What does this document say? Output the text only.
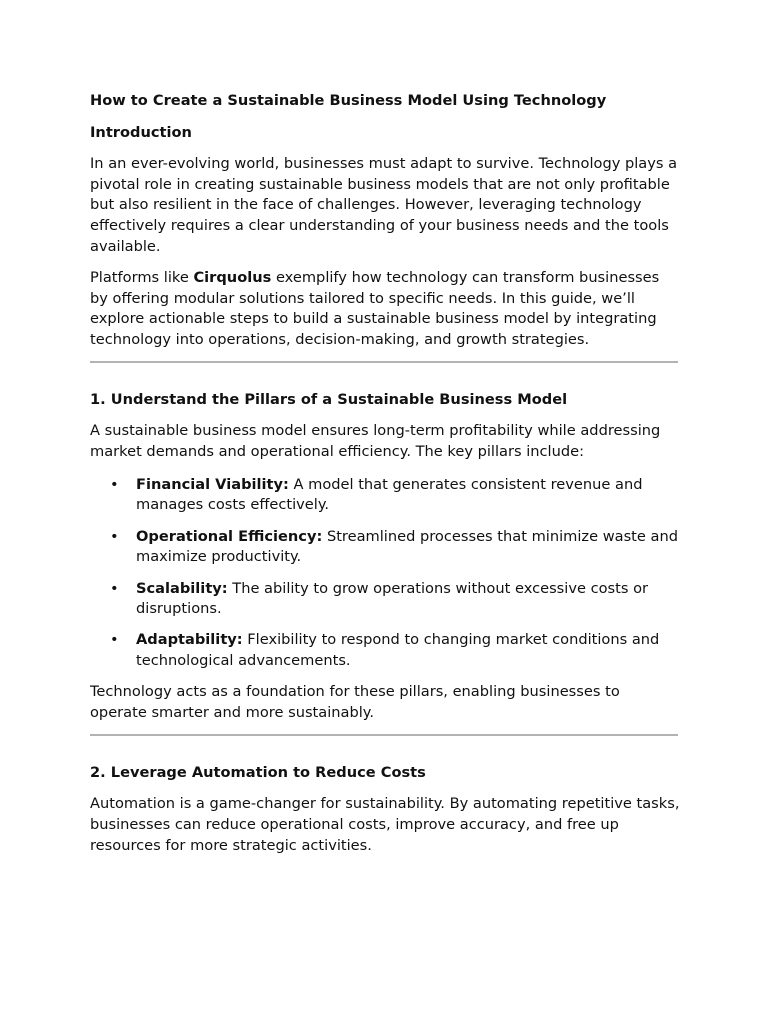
How to Create a Sustainable Business Model Using Technology
Introduction

In an ever-evolving world, businesses must adapt to survive. Technology plays a pivotal role in creating sustainable business models that are not only profitable but also resilient in the face of challenges. However, leveraging technology effectively requires a clear understanding of your business needs and the tools available.

Platforms like Cirquolus exemplify how technology can transform businesses by offering modular solutions tailored to specific needs. In this guide, we’ll explore actionable steps to build a sustainable business model by integrating technology into operations, decision-making, and growth strategies.

1. Understand the Pillars of a Sustainable Business Model

A sustainable business model ensures long-term profitability while addressing market demands and operational efficiency. The key pillars include:

• Financial Viability: A model that generates consistent revenue and manages costs effectively.
• Operational Efficiency: Streamlined processes that minimize waste and maximize productivity.
• Scalability: The ability to grow operations without excessive costs or disruptions.
• Adaptability: Flexibility to respond to changing market conditions and technological advancements.

Technology acts as a foundation for these pillars, enabling businesses to operate smarter and more sustainably.

2. Leverage Automation to Reduce Costs

Automation is a game-changer for sustainability. By automating repetitive tasks, businesses can reduce operational costs, improve accuracy, and free up resources for more strategic activities.
